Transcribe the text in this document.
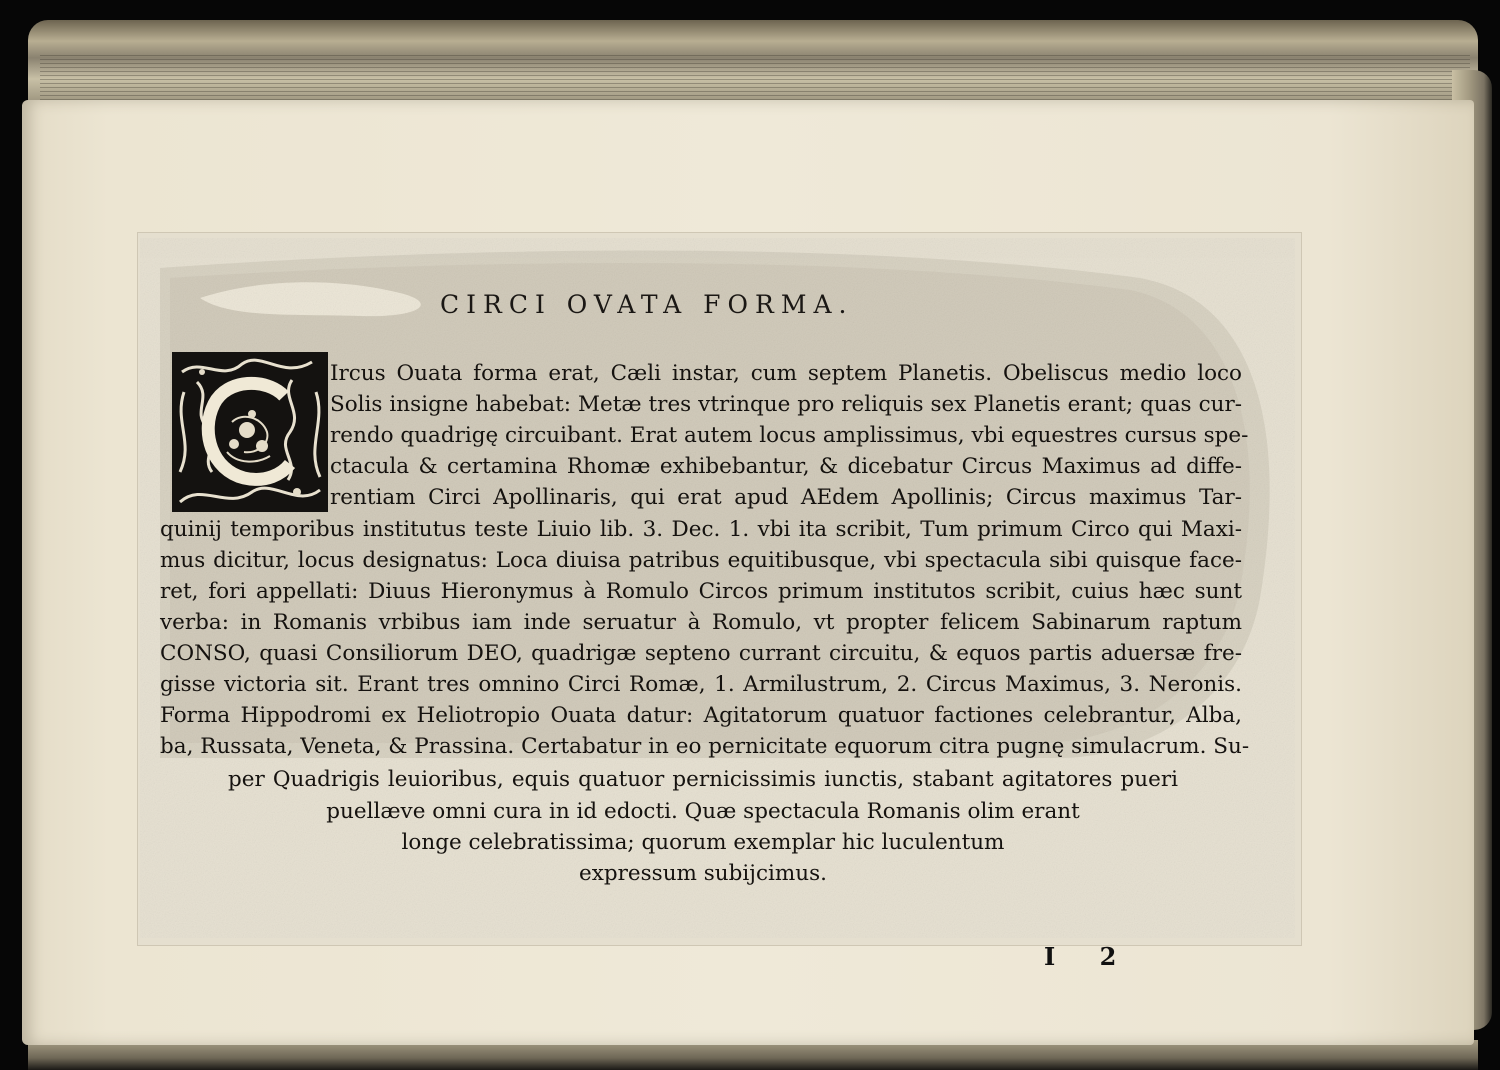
CIRCI OVATA FORMA.

Ircus Ouata forma erat, Cæli instar, cum septem Planetis. Obeliscus medio loco

Solis insigne habebat: Metæ tres vtrinque pro reliquis sex Planetis erant; quas cur-

rendo quadrigę circuibant. Erat autem locus amplissimus, vbi equestres cursus spe-

ctacula & certamina Rhomæ exhibebantur, & dicebatur Circus Maximus ad diffe-

rentiam Circi Apollinaris, qui erat apud AEdem Apollinis; Circus maximus Tar-

quinij temporibus institutus teste Liuio lib. 3. Dec. 1. vbi ita scribit, Tum primum Circo qui Maxi-

mus dicitur, locus designatus: Loca diuisa patribus equitibusque, vbi spectacula sibi quisque face-

ret, fori appellati: Diuus Hieronymus à Romulo Circos primum institutos scribit, cuius hæc sunt

verba: in Romanis vrbibus iam inde seruatur à Romulo, vt propter felicem Sabinarum raptum

CONSO, quasi Consiliorum DEO, quadrigæ septeno currant circuitu, & equos partis aduersæ fre-

gisse victoria sit. Erant tres omnino Circi Romæ, 1. Armilustrum, 2. Circus Maximus, 3. Neronis.

Forma Hippodromi ex Heliotropio Ouata datur: Agitatorum quatuor factiones celebrantur, Alba,

ba, Russata, Veneta, & Prassina. Certabatur in eo pernicitate equorum citra pugnę simulacrum. Su-

per Quadrigis leuioribus, equis quatuor pernicissimis iunctis, stabant agitatores pueri

puellæve omni cura in id edocti. Quæ spectacula Romanis olim erant

longe celebratissima; quorum exemplar hic luculentum

expressum subijcimus.

I 2
